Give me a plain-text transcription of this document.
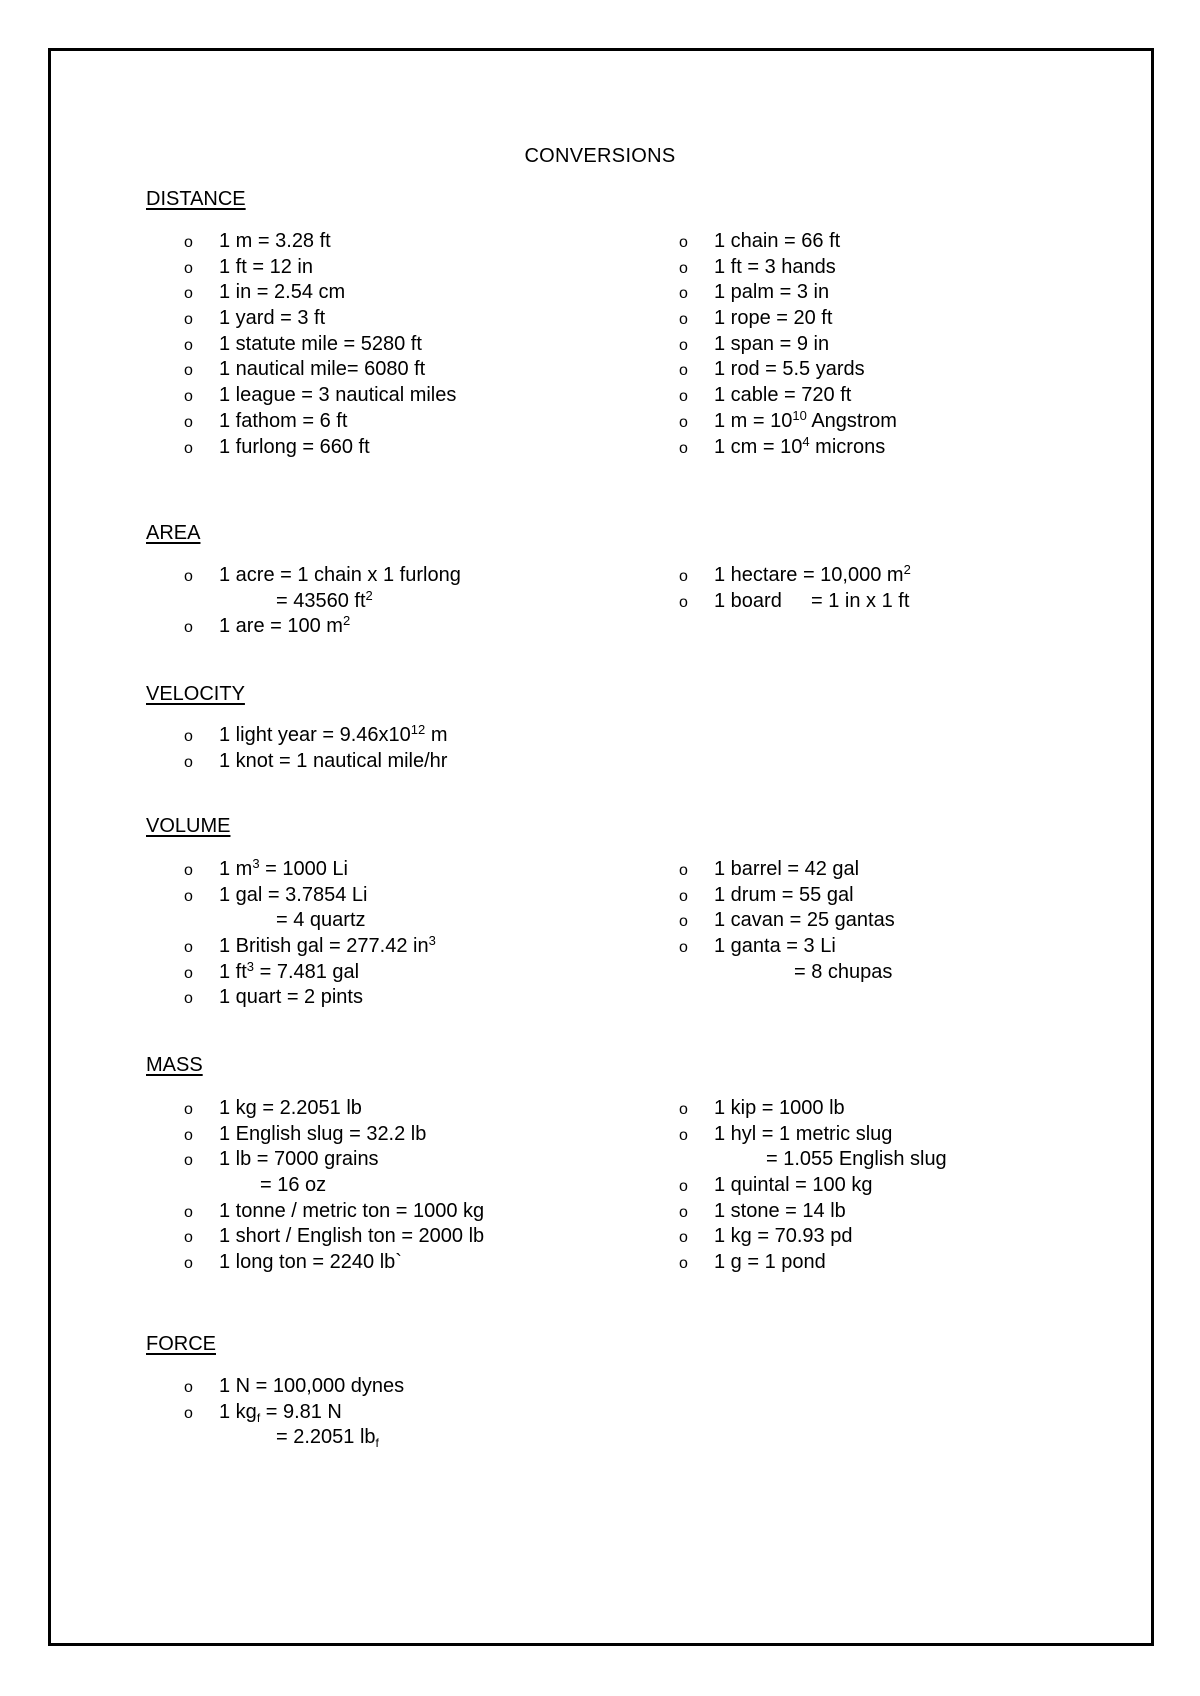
CONVERSIONS
DISTANCE
o 1 m = 3.28 ft
o 1 ft = 12 in
o 1 in = 2.54 cm
o 1 yard = 3 ft
o 1 statute mile = 5280 ft
o 1 nautical mile= 6080 ft
o 1 league = 3 nautical miles
o 1 fathom = 6 ft
o 1 furlong = 660 ft
o 1 chain = 66 ft
o 1 ft = 3 hands
o 1 palm = 3 in
o 1 rope = 20 ft
o 1 span = 9 in
o 1 rod = 5.5 yards
o 1 cable = 720 ft
o 1 $m = 10^{10}$ Angstrom
o 1 cm = $10^4$ microns
AREA
o 1 acre = 1 chain x 1 furlong
= 43560 $ft^2$
o 1 are = 100 $m^2$
o 1 hectare = 10,000 $m^2$
o 1 board = 1 in x 1 ft
VELOCITY
o 1 light year = $9.46x10^{12}$ m
o 1 knot = 1 nautical mile/hr
VOLUME
o 1 $m^3 = 1000$ Li
o 1 gal = 3.7854 Li
= 4 quartz
o 1 British gal = 277.42 $in^3$
o 1 $ft^3 = 7.481$ gal
o 1 quart = 2 pints
o 1 barrel = 42 gal
o 1 drum = 55 gal
o 1 cavan = 25 gantas
o 1 ganta = 3 Li
= 8 chupas
MASS
o 1 kg = 2.2051 lb
o 1 English slug = 32.2 lb
o 1 lb = 7000 grains
= 16 oz
o 1 tonne / metric ton = 1000 kg
o 1 short / English ton = 2000 lb
o 1 long ton = 2240 lb`
o 1 kip = 1000 lb
o 1 hyl = 1 metric slug
= 1.055 English slug
o 1 quintal = 100 kg
o 1 stone = 14 lb
o 1 kg = 70.93 pd
o 1 g = 1 pond
FORCE
o 1 N = 100,000 dynes
o 1 $kg_f = 9.81$ N
= 2.2051 $lb_f$
